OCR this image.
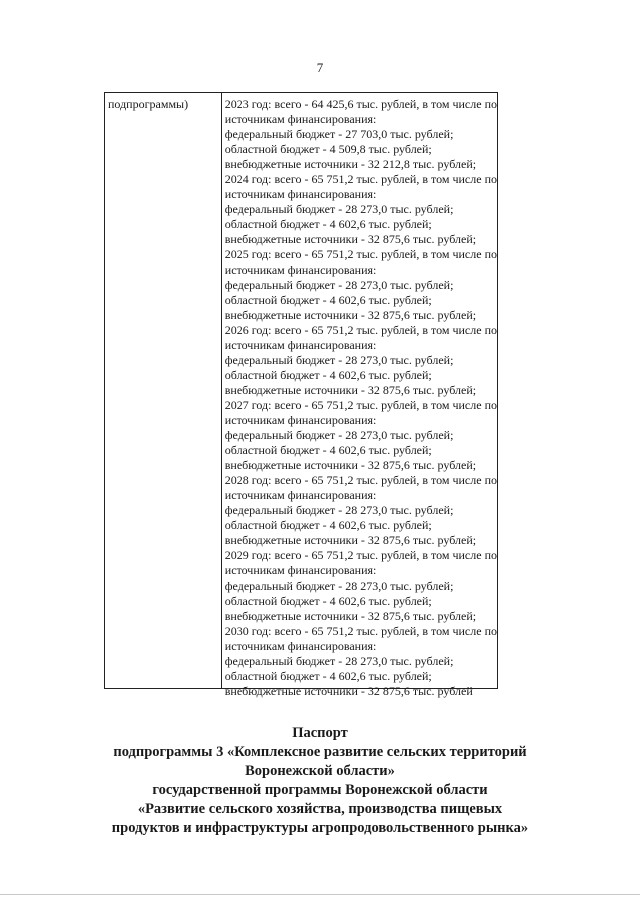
7
подпрограммы)	2023 год: всего - 64 425,6 тыс. рублей, в том числе по
источникам финансирования:
федеральный бюджет - 27 703,0 тыс. рублей;
областной бюджет - 4 509,8 тыс. рублей;
внебюджетные источники - 32 212,8 тыс. рублей;
2024 год: всего - 65 751,2 тыс. рублей, в том числе по
источникам финансирования:
федеральный бюджет - 28 273,0 тыс. рублей;
областной бюджет - 4 602,6 тыс. рублей;
внебюджетные источники - 32 875,6 тыс. рублей;
2025 год: всего - 65 751,2 тыс. рублей, в том числе по
источникам финансирования:
федеральный бюджет - 28 273,0 тыс. рублей;
областной бюджет - 4 602,6 тыс. рублей;
внебюджетные источники - 32 875,6 тыс. рублей;
2026 год: всего - 65 751,2 тыс. рублей, в том числе по
источникам финансирования:
федеральный бюджет - 28 273,0 тыс. рублей;
областной бюджет - 4 602,6 тыс. рублей;
внебюджетные источники - 32 875,6 тыс. рублей;
2027 год: всего - 65 751,2 тыс. рублей, в том числе по
источникам финансирования:
федеральный бюджет - 28 273,0 тыс. рублей;
областной бюджет - 4 602,6 тыс. рублей;
внебюджетные источники - 32 875,6 тыс. рублей;
2028 год: всего - 65 751,2 тыс. рублей, в том числе по
источникам финансирования:
федеральный бюджет - 28 273,0 тыс. рублей;
областной бюджет - 4 602,6 тыс. рублей;
внебюджетные источники - 32 875,6 тыс. рублей;
2029 год: всего - 65 751,2 тыс. рублей, в том числе по
источникам финансирования:
федеральный бюджет - 28 273,0 тыс. рублей;
областной бюджет - 4 602,6 тыс. рублей;
внебюджетные источники - 32 875,6 тыс. рублей;
2030 год: всего - 65 751,2 тыс. рублей, в том числе по
источникам финансирования:
федеральный бюджет - 28 273,0 тыс. рублей;
областной бюджет - 4 602,6 тыс. рублей;
внебюджетные источники - 32 875,6 тыс. рублей
Паспорт
подпрограммы 3 «Комплексное развитие сельских территорий
Воронежской области»
государственной программы Воронежской области
«Развитие сельского хозяйства, производства пищевых
продуктов и инфраструктуры агропродовольственного рынка»
